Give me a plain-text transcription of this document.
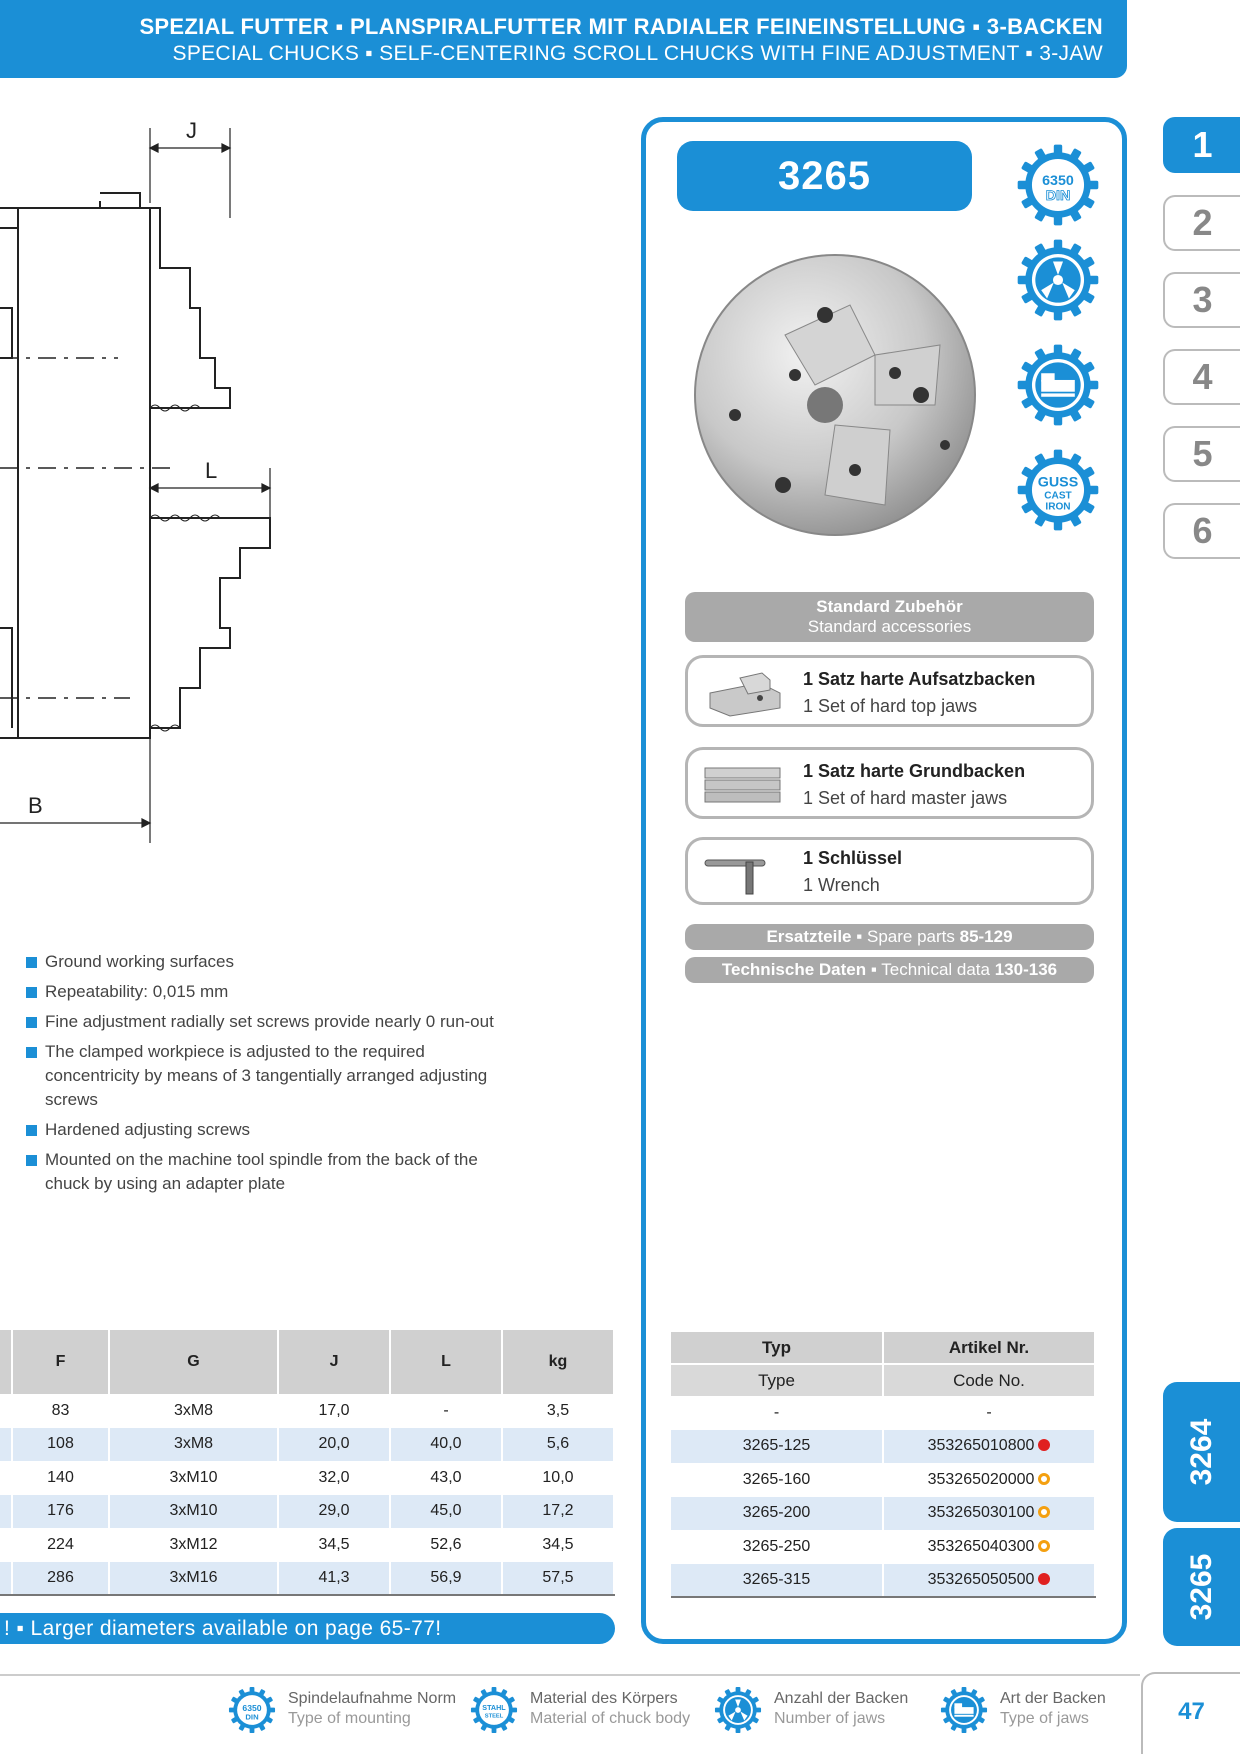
SPEZIAL FUTTER ▪ PLANSPIRALFUTTER MIT RADIALER FEINEINSTELLUNG ▪ 3-BACKEN
SPECIAL CHUCKS ▪ SELF-CENTERING SCROLL CHUCKS WITH FINE ADJUSTMENT ▪ 3-JAW
1
2
3
4
5
6
3264
3265
J
L
B
Ground working surfaces
Repeatability: 0,015 mm
Fine adjustment radially set screws provide nearly 0 run-out
The clamped workpiece is adjusted to the required concentricity by means of 3 tangentially arranged adjusting screws
Hardened adjusting screws
Mounted on the machine tool spindle from the back of the chuck by using an adapter plate
3265	6350
DIN
GUSS
CAST
IRON
Standard Zubehör
Standard accessories
1 Satz harte Aufsatzbacken
1 Set of hard top jaws
1 Satz harte Grundbacken
1 Set of hard master jaws
1 Schlüssel
1 Wrench
Ersatzteile ▪ Spare parts 85-129
Technische Daten ▪ Technical data 130-136
	F	G	J	L	kg
	83	3xM8	17,0	-	3,5
	108	3xM8	20,0	40,0	5,6
	140	3xM10	32,0	43,0	10,0
	176	3xM10	29,0	45,0	17,2
	224	3xM12	34,5	52,6	34,5
	286	3xM16	41,3	56,9	57,5
! ▪ Larger diameters available on page 65-77!
Typ	Artikel Nr.
Type	Code No.
-	-
3265-125	353265010800
3265-160	353265020000
3265-200	353265030100
3265-250	353265040300
3265-315	353265050500
6350
DIN
Spindelaufnahme Norm
Type of mounting
STAHL
STEEL
Material des Körpers
Material of chuck body
Anzahl der Backen
Number of jaws
Art der Backen
Type of jaws	47
